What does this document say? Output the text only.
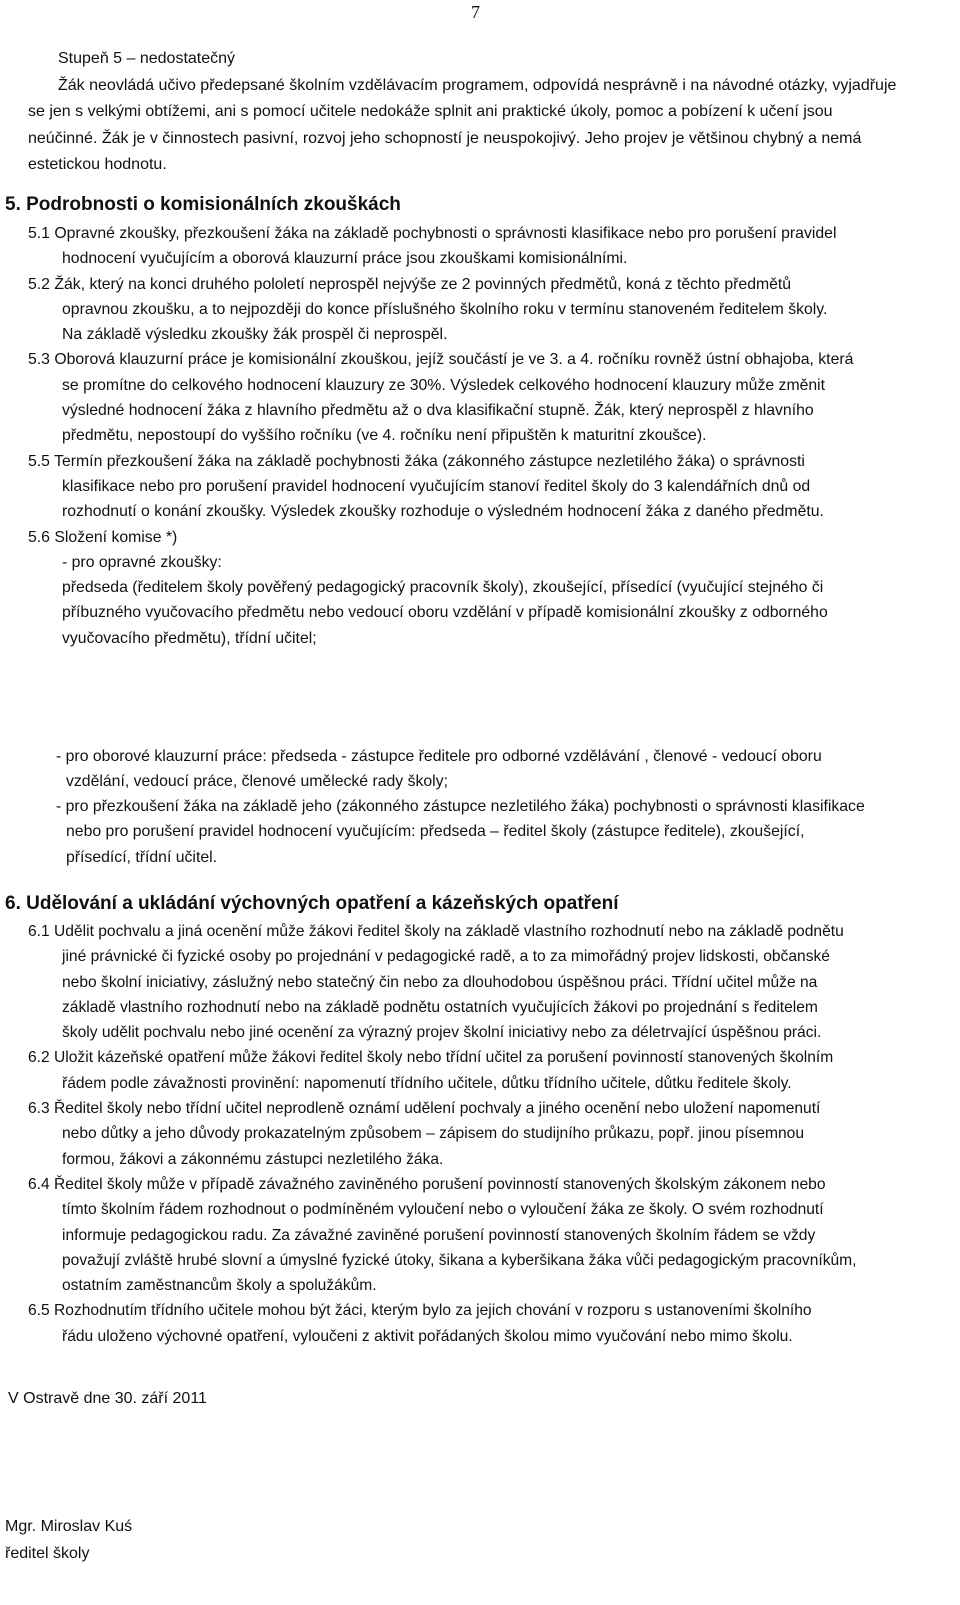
7
Stupeň 5 – nedostatečný
Žák neovládá učivo předepsané školním vzdělávacím programem, odpovídá nesprávně i na návodné otázky, vyjadřuje
se jen s velkými obtížemi, ani s pomocí učitele nedokáže splnit ani praktické úkoly, pomoc a pobízení k učení jsou
neúčinné. Žák je v činnostech pasivní, rozvoj jeho schopností je neuspokojivý. Jeho projev je většinou chybný a nemá
estetickou hodnotu.
5. Podrobnosti o komisionálních zkouškách
5.1 Opravné zkoušky, přezkoušení žáka na základě pochybnosti o správnosti klasifikace nebo pro porušení pravidel
hodnocení vyučujícím a oborová klauzurní práce jsou zkouškami komisionálními.
5.2 Žák, který na konci druhého pololetí neprospěl nejvýše ze 2 povinných předmětů, koná z těchto předmětů
opravnou zkoušku, a to nejpozději do konce příslušného školního roku v termínu stanoveném ředitelem školy.
Na základě výsledku zkoušky žák prospěl či neprospěl.
5.3 Oborová klauzurní práce je komisionální zkouškou, jejíž součástí je ve 3. a 4. ročníku rovněž ústní obhajoba, která
se promítne do celkového hodnocení klauzury ze 30%. Výsledek celkového hodnocení klauzury může změnit
výsledné hodnocení žáka z hlavního předmětu až o dva klasifikační stupně. Žák, který neprospěl z hlavního
předmětu, nepostoupí do vyššího ročníku (ve 4. ročníku není připuštěn k maturitní zkoušce).
5.5 Termín přezkoušení žáka na základě pochybnosti žáka (zákonného zástupce nezletilého žáka) o správnosti
klasifikace nebo pro porušení pravidel hodnocení vyučujícím stanoví ředitel školy do 3 kalendářních dnů od
rozhodnutí o konání zkoušky. Výsledek zkoušky rozhoduje o výsledném hodnocení žáka z daného předmětu.
5.6 Složení komise *)
- pro opravné zkoušky:
předseda (ředitelem školy pověřený pedagogický pracovník školy), zkoušející, přísedící (vyučující stejného či
příbuzného vyučovacího předmětu nebo vedoucí oboru vzdělání v případě komisionální zkoušky z odborného
vyučovacího předmětu), třídní učitel;
- pro oborové klauzurní práce: předseda - zástupce ředitele pro odborné vzdělávání , členové - vedoucí oboru
vzdělání, vedoucí práce, členové umělecké rady školy;
- pro přezkoušení žáka na základě jeho (zákonného zástupce nezletilého žáka) pochybnosti o správnosti klasifikace
nebo pro porušení pravidel hodnocení vyučujícím: předseda – ředitel školy (zástupce ředitele), zkoušející,
přísedící, třídní učitel.
6. Udělování a ukládání výchovných opatření a kázeňských opatření
6.1 Udělit pochvalu a jiná ocenění může žákovi ředitel školy na základě vlastního rozhodnutí nebo na základě podnětu
jiné právnické či fyzické osoby po projednání v pedagogické radě, a to za mimořádný projev lidskosti, občanské
nebo školní iniciativy, záslužný nebo statečný čin nebo za dlouhodobou úspěšnou práci. Třídní učitel může na
základě vlastního rozhodnutí nebo na základě podnětu ostatních vyučujících žákovi po projednání s ředitelem
školy udělit pochvalu nebo jiné ocenění za výrazný projev školní iniciativy nebo za déletrvající úspěšnou práci.
6.2 Uložit kázeňské opatření může žákovi ředitel školy nebo třídní učitel za porušení povinností stanovených školním
řádem podle závažnosti provinění: napomenutí třídního učitele, důtku třídního učitele, důtku ředitele školy.
6.3 Ředitel školy nebo třídní učitel neprodleně oznámí udělení pochvaly a jiného ocenění nebo uložení napomenutí
nebo důtky a jeho důvody prokazatelným způsobem – zápisem do studijního průkazu, popř. jinou písemnou
formou, žákovi a zákonnému zástupci nezletilého žáka.
6.4 Ředitel školy může v případě závažného zaviněného porušení povinností stanovených školským zákonem nebo
tímto školním řádem rozhodnout o podmíněném vyloučení nebo o vyloučení žáka ze školy. O svém rozhodnutí
informuje pedagogickou radu. Za závažné zaviněné porušení povinností stanovených školním řádem se vždy
považují zvláště hrubé slovní a úmyslné fyzické útoky, šikana a kyberšikana žáka vůči pedagogickým pracovníkům,
ostatním zaměstnancům školy a spolužákům.
6.5 Rozhodnutím třídního učitele mohou být žáci, kterým bylo za jejich chování v rozporu s ustanoveními školního
řádu uloženo výchovné opatření, vyloučeni z aktivit pořádaných školou mimo vyučování nebo mimo školu.
V Ostravě dne 30. září 2011
Mgr. Miroslav Kuś
ředitel školy
